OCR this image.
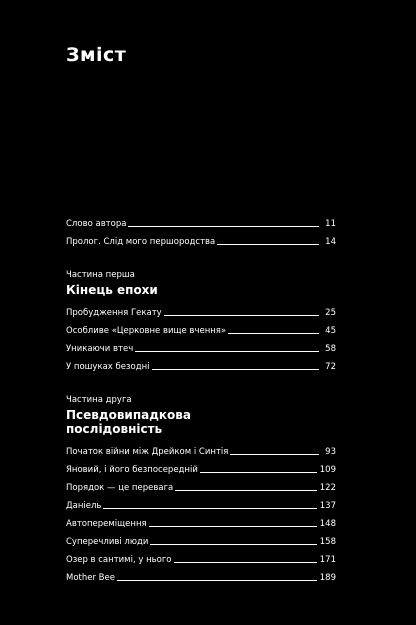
Зміст
Слово автора	11
Пролог. Слід мого першородства	14
Частина перша
Кінець епохи
Пробудження Гекату	25
Особливе «Церковне вище вчення»	45
Уникаючи втеч	58
У пошуках безодні	72
Частина друга
Псевдовипадкова послідовність
Початок війни між Дрейком і Синтія	93
Яновий, і його безпосередній	109
Порядок — це перевага	122
Даніель	137
Автопереміщення	148
Суперечливі люди	158
Озер в сантимі, у нього	171
Mother Bee	189
